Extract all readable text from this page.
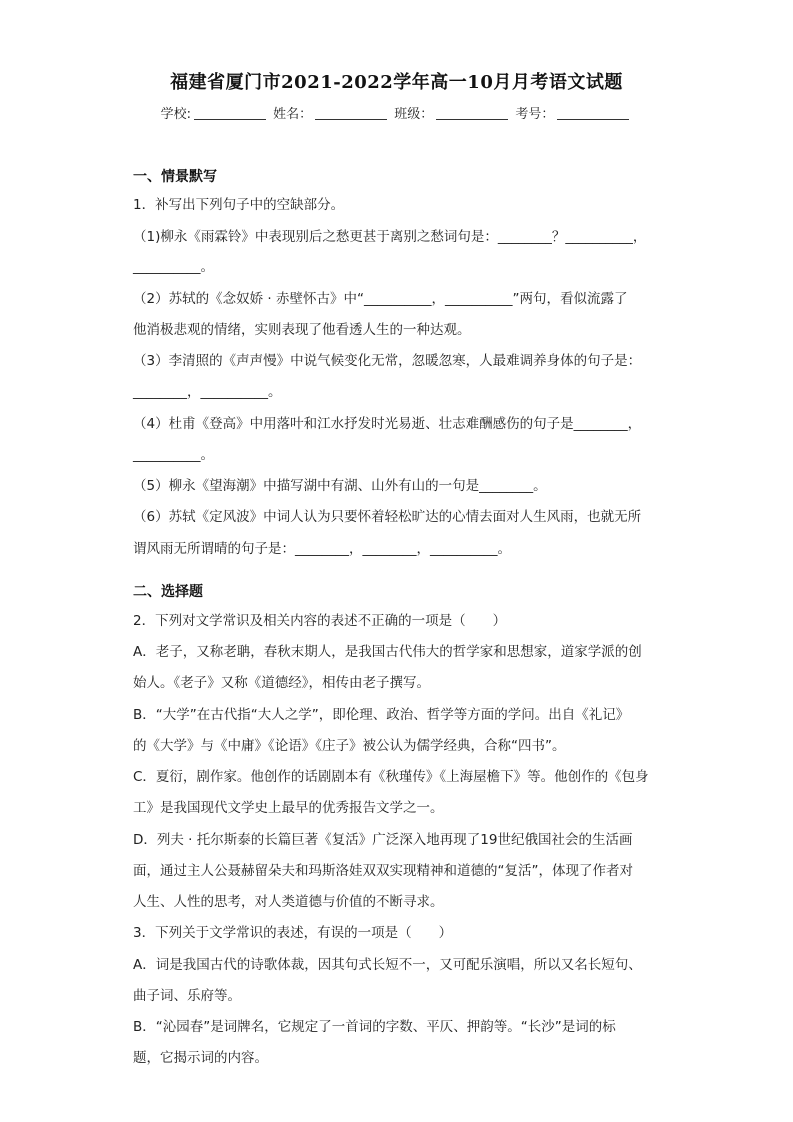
福建省厦门市2021-2022学年高一10月月考语文试题
学校:	姓名：	班级：	考号：
一、情景默写
1．补写出下列句子中的空缺部分。
（1)柳永《雨霖铃》中表现别后之愁更甚于离别之愁词句是：________？__________，
__________。
（2）苏轼的《念奴娇 · 赤壁怀古》中“__________，__________”两句，看似流露了
他消极悲观的情绪，实则表现了他看透人生的一种达观。
（3）李清照的《声声慢》中说气候变化无常，忽暖忽寒，人最难调养身体的句子是：
________，__________。
（4）杜甫《登高》中用落叶和江水抒发时光易逝、壮志难酬感伤的句子是________，
__________。
（5）柳永《望海潮》中描写湖中有湖、山外有山的一句是________。
（6）苏轼《定风波》中词人认为只要怀着轻松旷达的心情去面对人生风雨，也就无所
谓风雨无所谓晴的句子是：________，________，__________。
二、选择题
2．下列对文学常识及相关内容的表述不正确的一项是（　　）
A．老子，又称老聃，春秋末期人，是我国古代伟大的哲学家和思想家，道家学派的创
始人。《老子》又称《道德经》，相传由老子撰写。
B．“大学”在古代指“大人之学”，即伦理、政治、哲学等方面的学问。出自《礼记》
的《大学》与《中庸》《论语》《庄子》被公认为儒学经典，合称“四书”。
C．夏衍，剧作家。他创作的话剧剧本有《秋瑾传》《上海屋檐下》等。他创作的《包身
工》是我国现代文学史上最早的优秀报告文学之一。
D．列夫 · 托尔斯泰的长篇巨著《复活》广泛深入地再现了19世纪俄国社会的生活画
面，通过主人公聂赫留朵夫和玛斯洛娃双双实现精神和道德的“复活”，体现了作者对
人生、人性的思考，对人类道德与价值的不断寻求。
3．下列关于文学常识的表述，有误的一项是（　　）
A．词是我国古代的诗歌体裁，因其句式长短不一，又可配乐演唱，所以又名长短句、
曲子词、乐府等。
B．“沁园春”是词牌名，它规定了一首词的字数、平仄、押韵等。“长沙”是词的标
题，它揭示词的内容。
